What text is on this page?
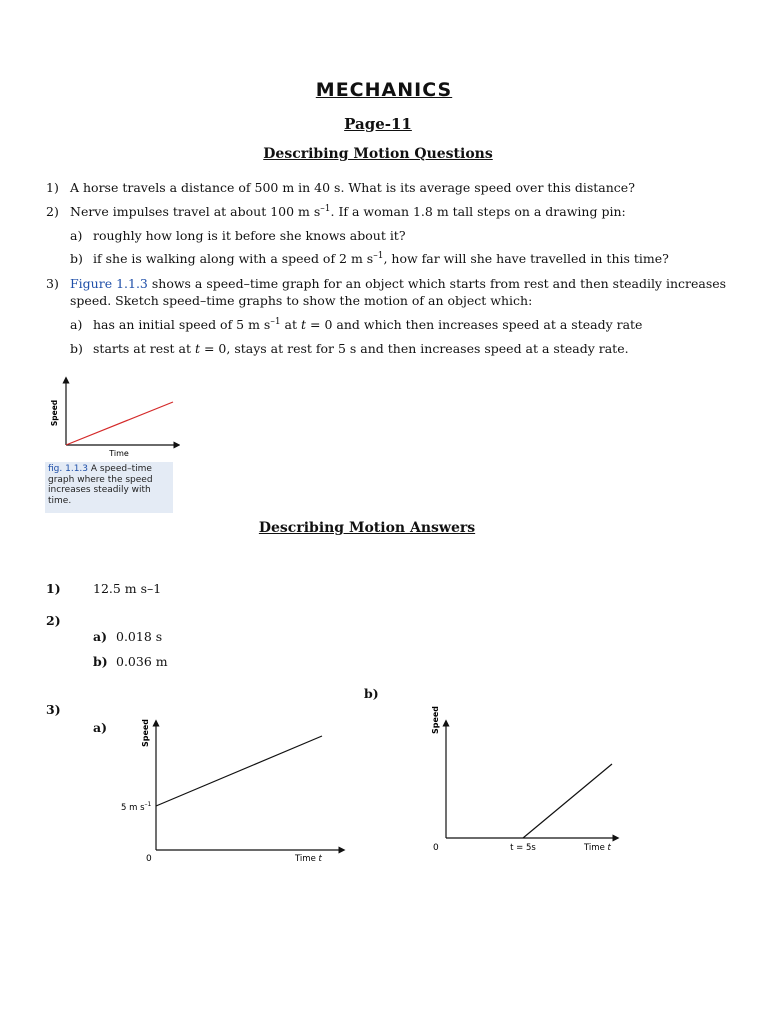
MECHANICS
Page-11
Describing Motion Questions
1) A horse travels a distance of 500 m in 40 s. What is its average speed over this distance?
2) Nerve impulses travel at about 100 m $s^{-1}$. If a woman 1.8 m tall steps on a drawing pin:
a) roughly how long is it before she knows about it?
b) if she is walking along with a speed of 2 m $s^{-1}$, how far will she have travelled in this time?
3) Figure 1.1.3 shows a speed–time graph for an object which starts from rest and then steadily increases
speed. Sketch speed–time graphs to show the motion of an object which:
a) has an initial speed of 5 m $s^{-1}$ at t = 0 and which then increases speed at a steady rate
b) starts at rest at t = 0, stays at rest for 5 s and then increases speed at a steady rate.
Speed
Time
fig. 1.1.3 A speed–time graph where the speed increases steadily with time.
Describing Motion Answers
1)	12.5 m s–1
2)
a) 0.018 s
b) 0.036 m
3)
a)
b)
Speed
0
5 m $s^{-1}$
Time t
Speed
0	t = 5s	Time t
